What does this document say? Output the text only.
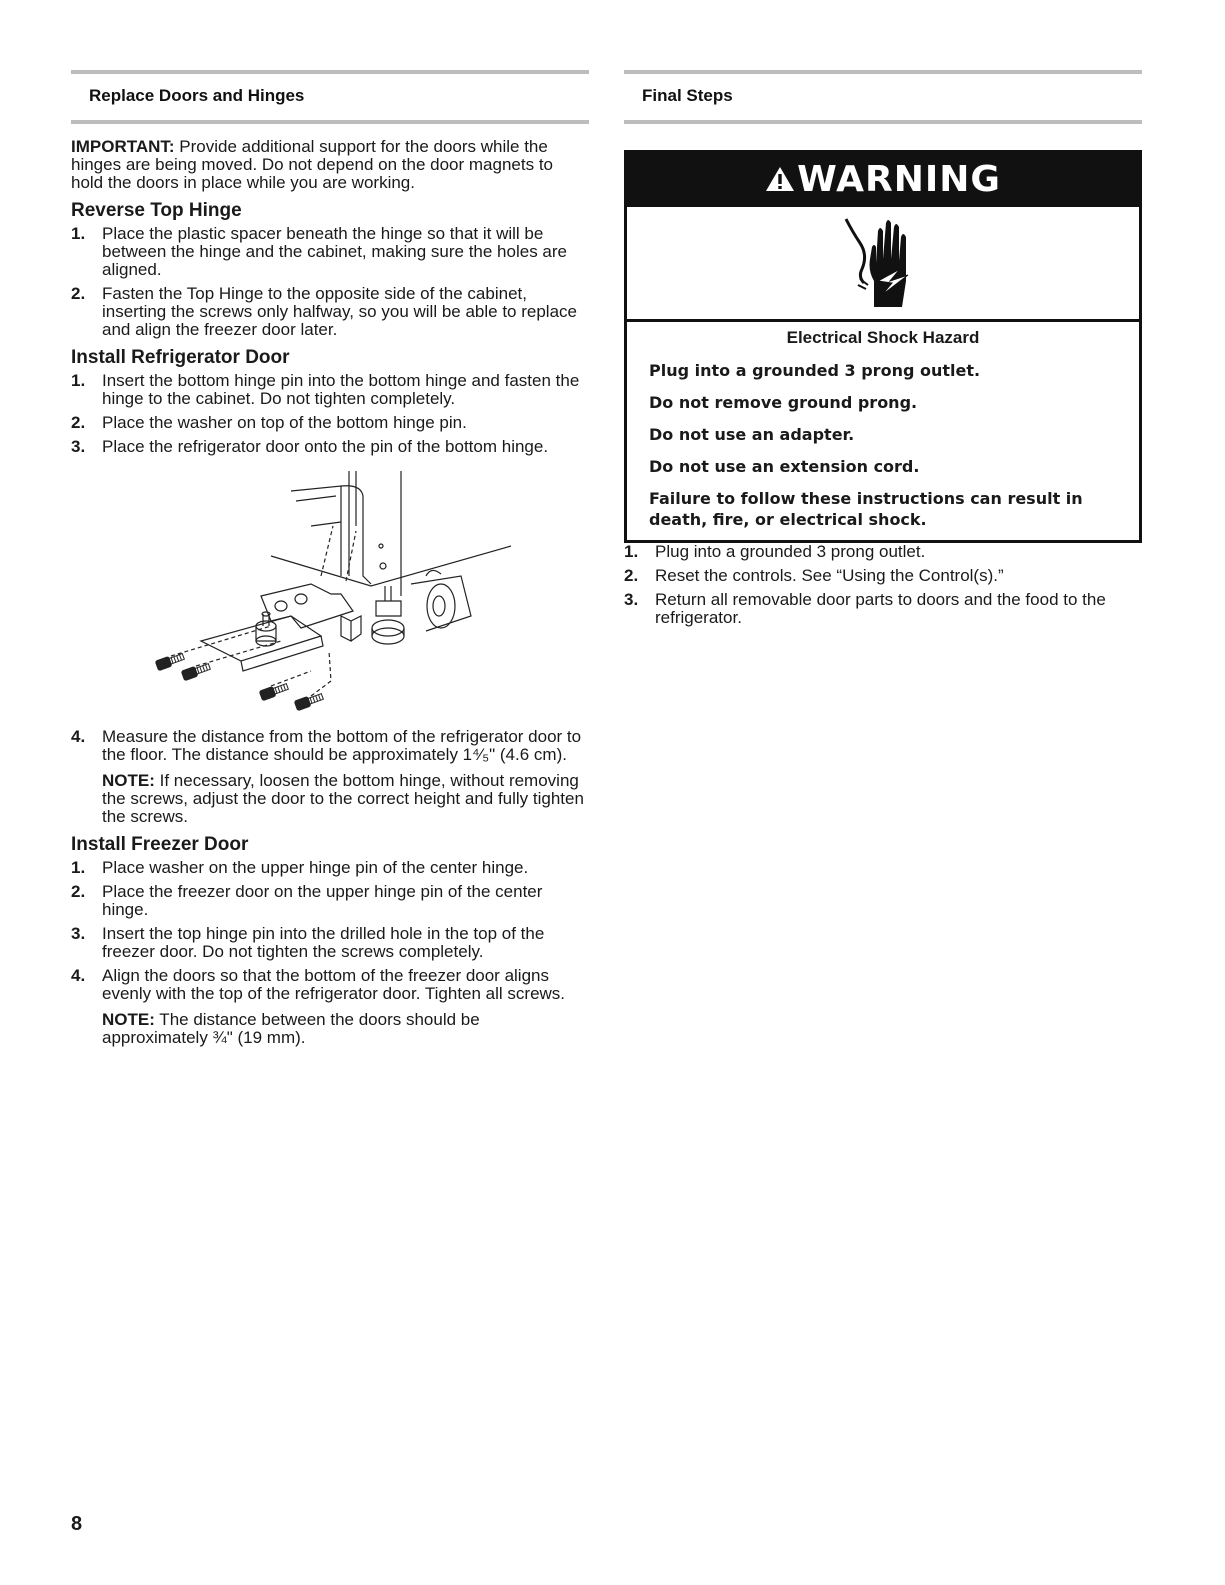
Replace Doors and Hinges

IMPORTANT: Provide additional support for the doors while the hinges are being moved. Do not depend on the door magnets to hold the doors in place while you are working.

Reverse Top Hinge
1. Place the plastic spacer beneath the hinge so that it will be between the hinge and the cabinet, making sure the holes are aligned.
2. Fasten the Top Hinge to the opposite side of the cabinet, inserting the screws only halfway, so you will be able to replace and align the freezer door later.
Install Refrigerator Door
1. Insert the bottom hinge pin into the bottom hinge and fasten the hinge to the cabinet. Do not tighten completely.
2. Place the washer on top of the bottom hinge pin.
3. Place the refrigerator door onto the pin of the bottom hinge.
4. Measure the distance from the bottom of the refrigerator door to the floor. The distance should be approximately 1⁴⁄₅" (4.6 cm).
NOTE: If necessary, loosen the bottom hinge, without removing the screws, adjust the door to the correct height and fully tighten the screws.
Install Freezer Door
1. Place washer on the upper hinge pin of the center hinge.
2. Place the freezer door on the upper hinge pin of the center hinge.
3. Insert the top hinge pin into the drilled hole in the top of the freezer door. Do not tighten the screws completely.
4. Align the doors so that the bottom of the freezer door aligns evenly with the top of the refrigerator door. Tighten all screws.
NOTE: The distance between the doors should be approximately ¾" (19 mm).
Final Steps
WARNING
Electrical Shock Hazard
Plug into a grounded 3 prong outlet.
Do not remove ground prong.
Do not use an adapter.
Do not use an extension cord.
Failure to follow these instructions can result in death, fire, or electrical shock.
1. Plug into a grounded 3 prong outlet.
2. Reset the controls. See “Using the Control(s).”
3. Return all removable door parts to doors and the food to the refrigerator.
8
